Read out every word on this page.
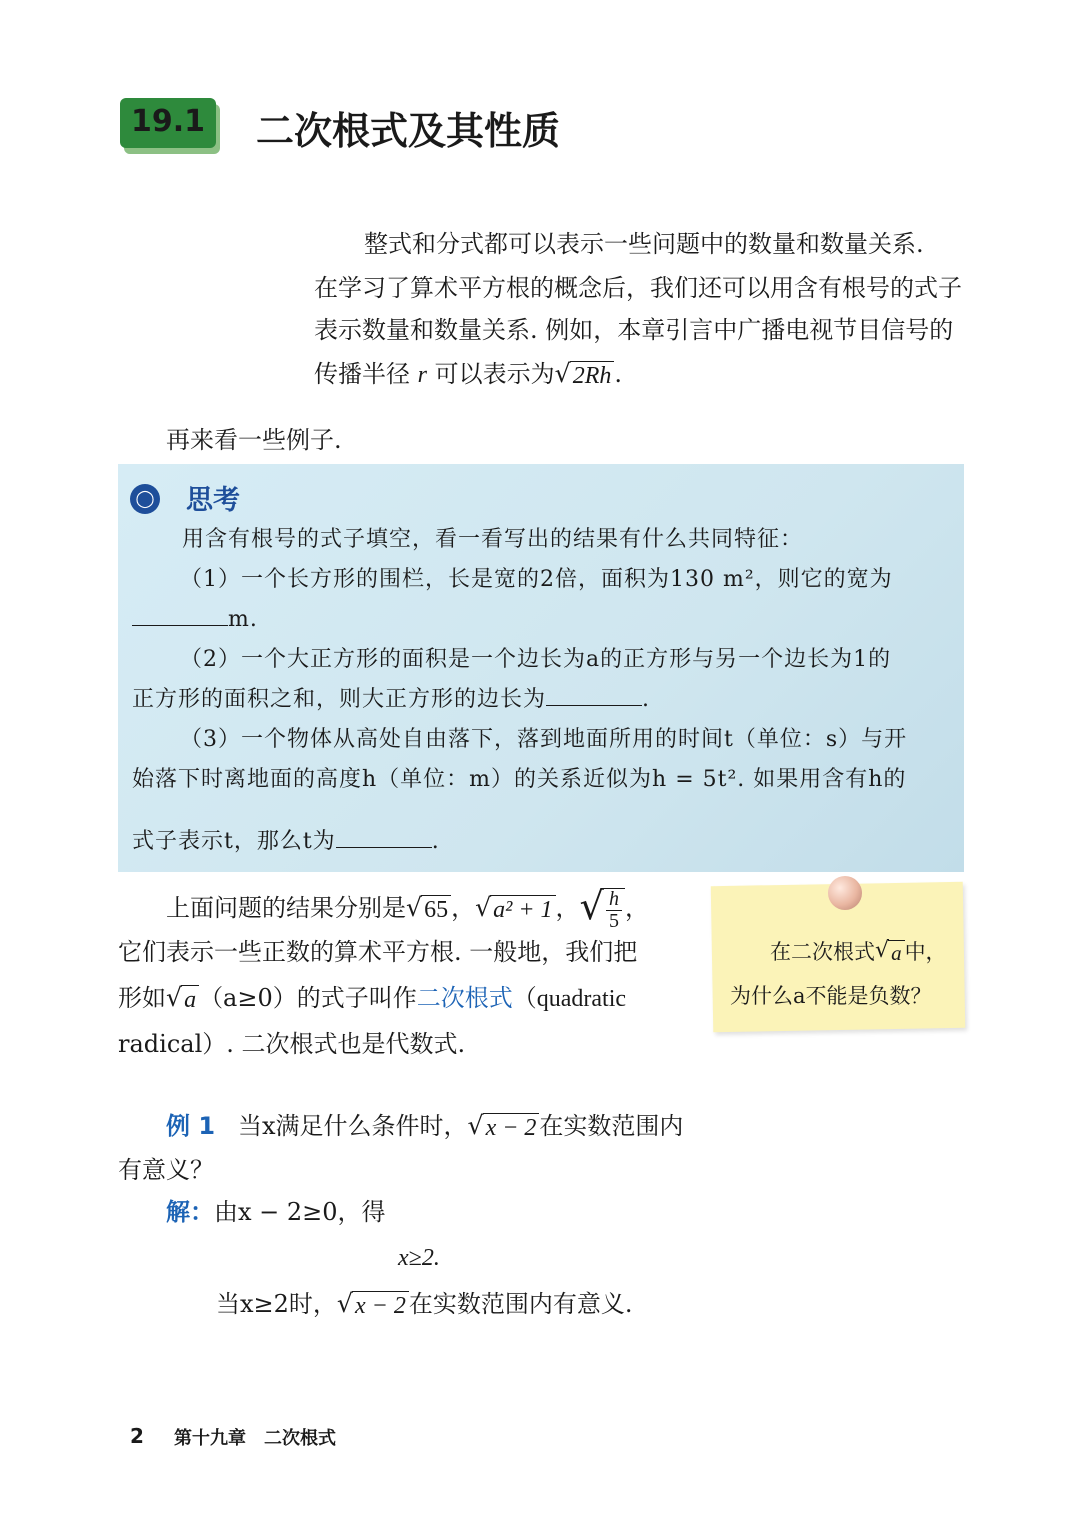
19.1 二次根式及其性质
整式和分式都可以表示一些问题中的数量和数量关系.
在学习了算术平方根的概念后，我们还可以用含有根号的式子
表示数量和数量关系. 例如，本章引言中广播电视节目信号的
传播半径 r 可以表示为 √ 2Rh .
再来看一些例子.
◯ 思考
用含有根号的式子填空，看一看写出的结果有什么共同特征：
（1）一个长方形的围栏，长是宽的2倍，面积为130 m²，则它的宽为
m.
（2）一个大正方形的面积是一个边长为a的正方形与另一个边长为1的
正方形的面积之和，则大正方形的边长为	.
（3）一个物体从高处自由落下，落到地面所用的时间t（单位：s）与开
始落下时离地面的高度h（单位：m）的关系近似为h = 5t². 如果用含有h的
式子表示t，那么t为	.
上面问题的结果分别是 √ 65 ， √ a² + 1 ， √ $\frac{h}{5}$ ，
它们表示一些正数的算术平方根. 一般地，我们把
形如 √ a （a≥0）的式子叫作二次根式（quadratic
radical）. 二次根式也是代数式.
在二次根式 √ a 中，
为什么a不能是负数？
例 1 当x满足什么条件时， √ x − 2 在实数范围内
有意义？
解：由x − 2≥0，得
x≥2.
当x≥2时， √ x − 2 在实数范围内有意义.
2 第十九章　二次根式
